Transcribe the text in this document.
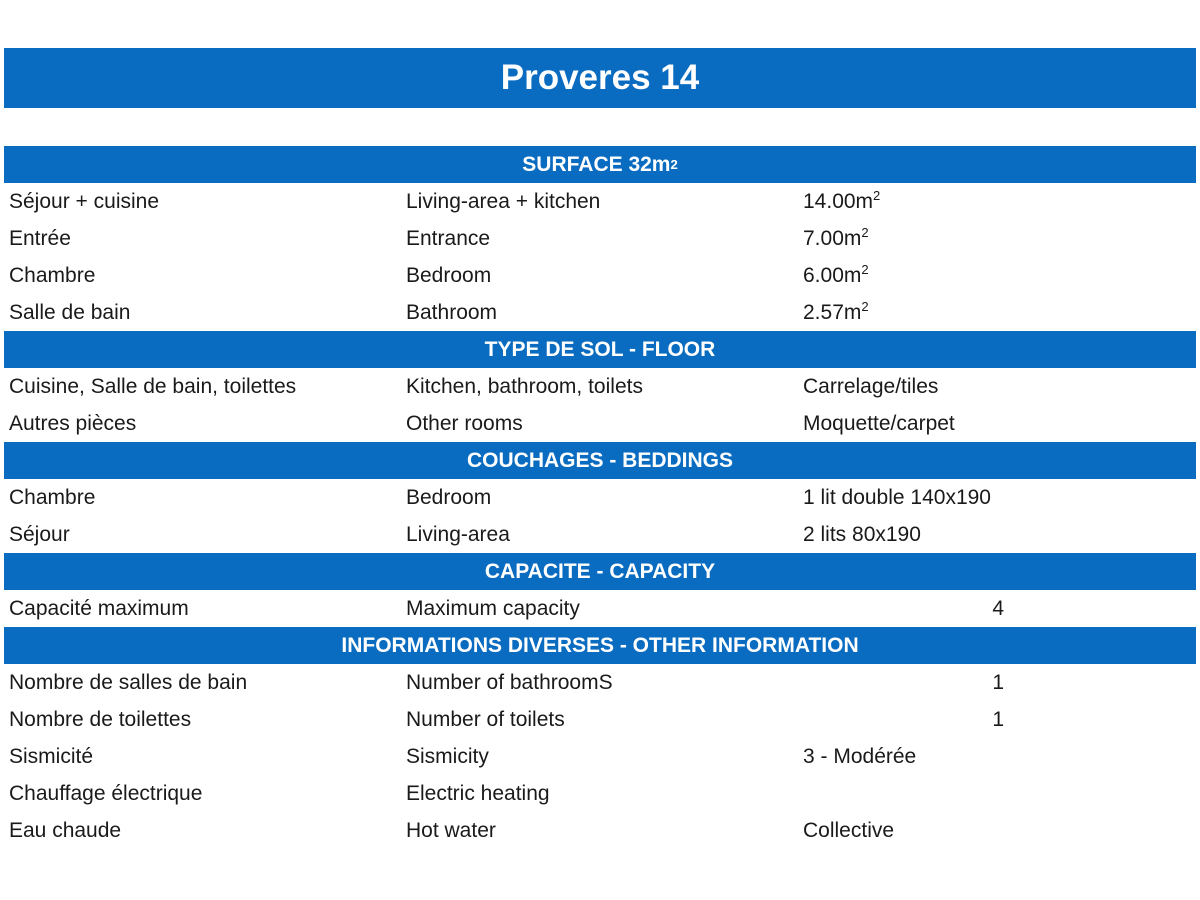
Proveres 14
SURFACE 32m 2
Séjour + cuisine	Living-area + kitchen	$14.00m^2$
Entrée	Entrance	$7.00m^2$
Chambre	Bedroom	$6.00m^2$
Salle de bain	Bathroom	$2.57m^2$
TYPE DE SOL - FLOOR
Cuisine, Salle de bain, toilettes	Kitchen, bathroom, toilets	Carrelage/tiles
Autres pièces	Other rooms	Moquette/carpet
COUCHAGES - BEDDINGS
Chambre	Bedroom	1 lit double 140x190
Séjour	Living-area	2 lits 80x190
CAPACITE - CAPACITY
Capacité maximum	Maximum capacity	4
INFORMATIONS DIVERSES - OTHER INFORMATION
Nombre de salles de bain	Number of bathroomS	1
Nombre de toilettes	Number of toilets	1
Sismicité	Sismicity	3 - Modérée
Chauffage électrique	Electric heating
Eau chaude	Hot water	Collective
